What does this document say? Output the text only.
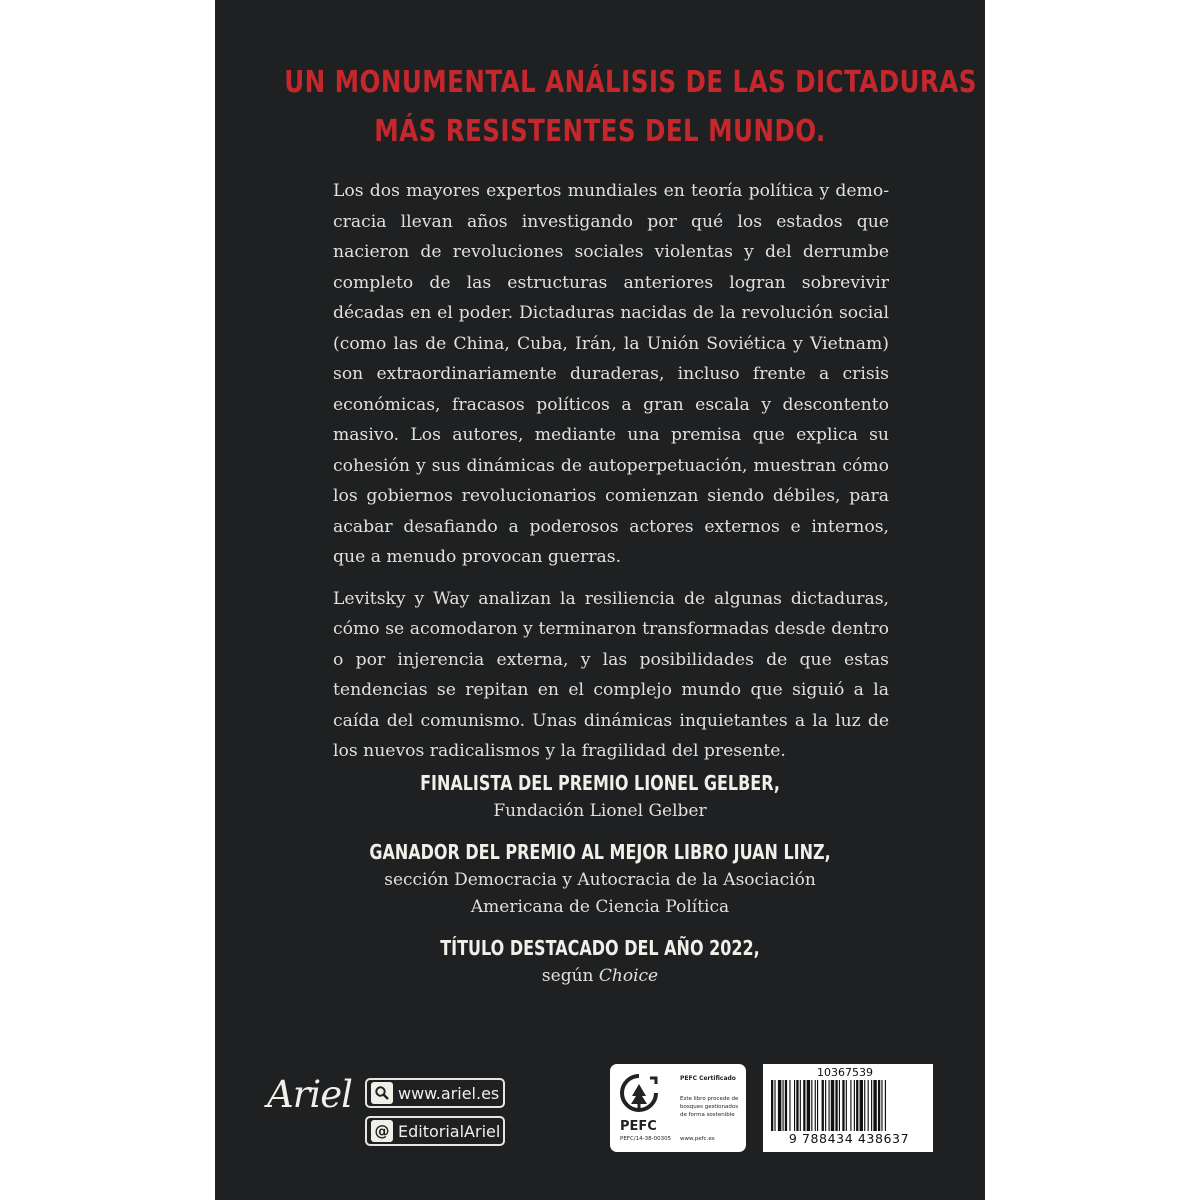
UN MONUMENTAL ANÁLISIS DE LAS DICTADURAS
MÁS RESISTENTES DEL MUNDO.

Los dos mayores expertos mundiales en teoría política y democracia llevan años investigando por qué los estados que nacieron de revoluciones sociales violentas y del derrumbe completo de las estructuras anteriores logran sobrevivir décadas en el poder. Dictaduras nacidas de la revolución social (como las de China, Cuba, Irán, la Unión Soviética y Vietnam) son extraordinariamente duraderas, incluso frente a crisis económicas, fracasos políticos a gran escala y descontento masivo. Los autores, mediante una premisa que explica su cohesión y sus dinámicas de autoperpetuación, muestran cómo los gobiernos revolucionarios comienzan siendo débiles, para acabar desafiando a poderosos actores externos e internos, que a menudo provocan guerras.

Levitsky y Way analizan la resiliencia de algunas dictaduras, cómo se acomodaron y terminaron transformadas desde dentro o por injerencia externa, y las posibilidades de que estas tendencias se repitan en el complejo mundo que siguió a la caída del comunismo. Unas dinámicas inquietantes a la luz de los nuevos radicalismos y la fragilidad del presente.

FINALISTA DEL PREMIO LIONEL GELBER,
Fundación Lionel Gelber
GANADOR DEL PREMIO AL MEJOR LIBRO JUAN LINZ,
sección Democracia y Autocracia de la Asociación
Americana de Ciencia Política
TÍTULO DESTACADO DEL AÑO 2022,
según Choice
Ariel	www.ariel.es
@ EditorialAriel	PEFC
PEFC/14-38-00305
PEFC Certificado
Este libro procede de bosques gestionados de forma sostenible
www.pefc.es
10367539
9 788434 438637
